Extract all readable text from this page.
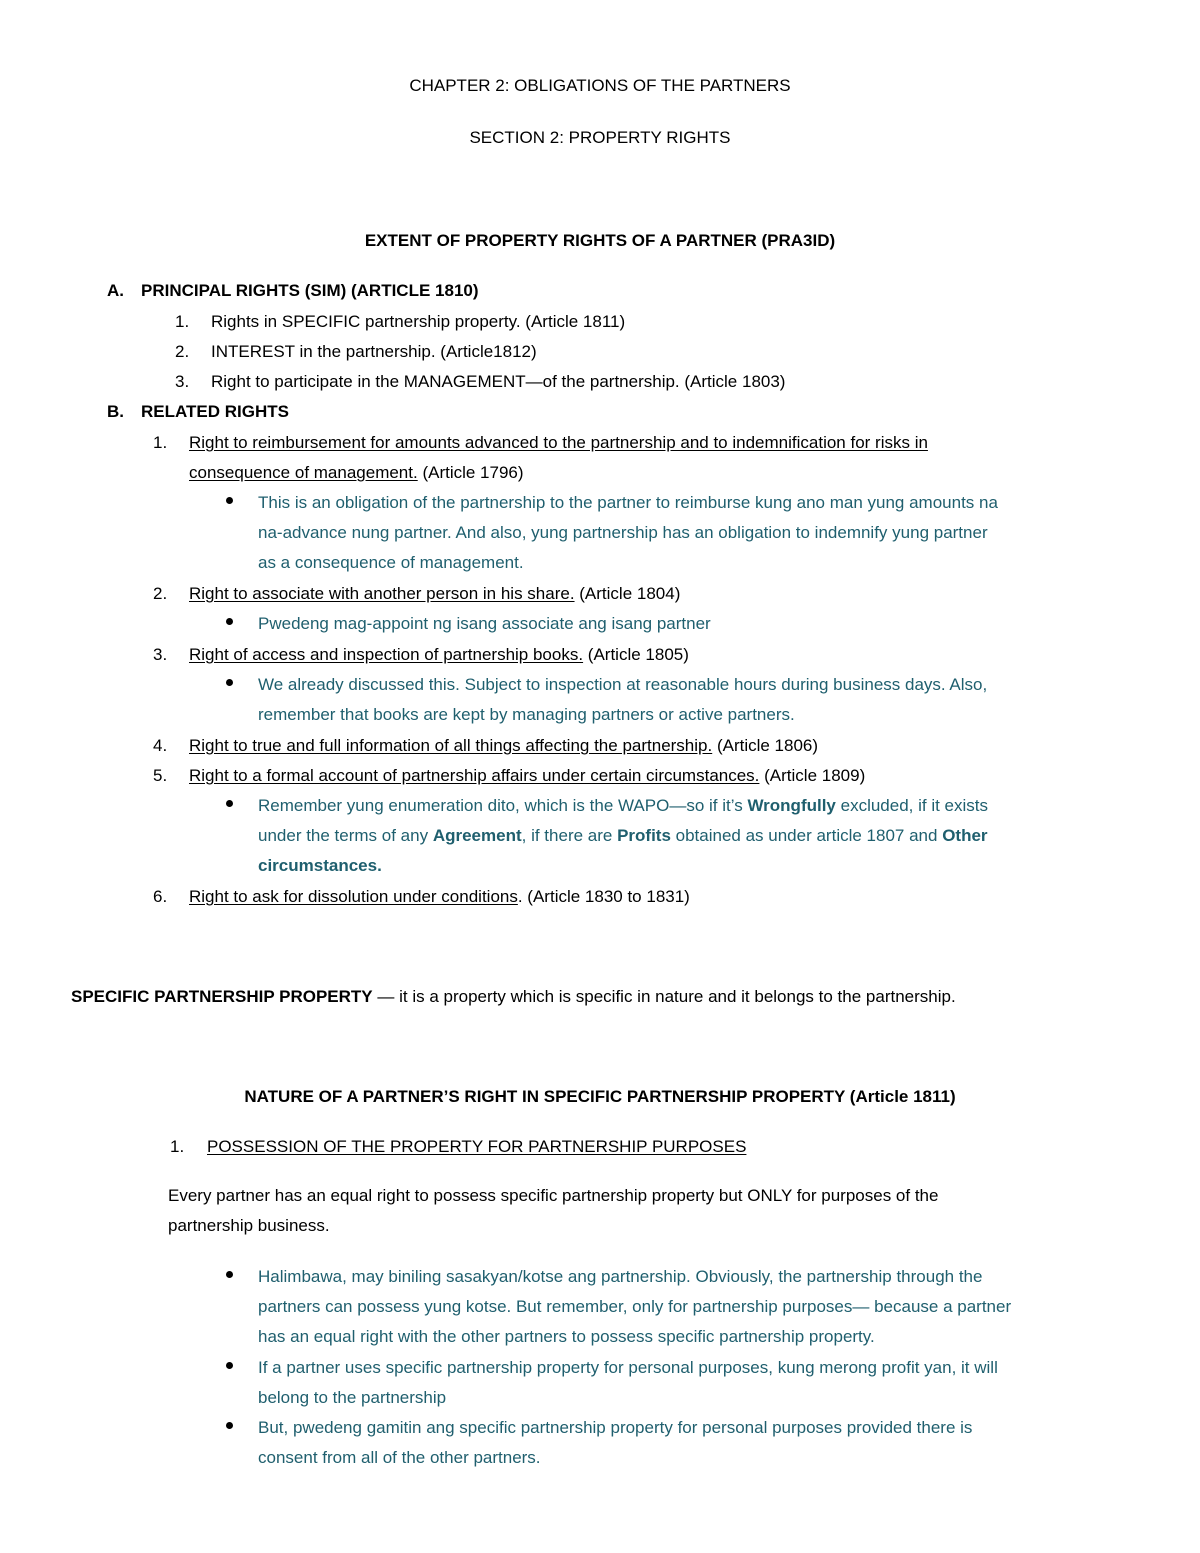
CHAPTER 2: OBLIGATIONS OF THE PARTNERS
SECTION 2: PROPERTY RIGHTS
EXTENT OF PROPERTY RIGHTS OF A PARTNER (PRA3ID)
A. PRINCIPAL RIGHTS (SIM) (ARTICLE 1810)
1. Rights in SPECIFIC partnership property. (Article 1811)
2. INTEREST in the partnership. (Article1812)
3. Right to participate in the MANAGEMENT—of the partnership. (Article 1803)
B. RELATED RIGHTS
1. Right to reimbursement for amounts advanced to the partnership and to indemnification for risks in
consequence of management. (Article 1796)
This is an obligation of the partnership to the partner to reimburse kung ano man yung amounts na
na-advance nung partner. And also, yung partnership has an obligation to indemnify yung partner
as a consequence of management.
2. Right to associate with another person in his share. (Article 1804)
Pwedeng mag-appoint ng isang associate ang isang partner
3. Right of access and inspection of partnership books. (Article 1805)
We already discussed this. Subject to inspection at reasonable hours during business days. Also,
remember that books are kept by managing partners or active partners.
4. Right to true and full information of all things affecting the partnership. (Article 1806)
5. Right to a formal account of partnership affairs under certain circumstances. (Article 1809)
Remember yung enumeration dito, which is the WAPO—so if it’s Wrongfully excluded, if it exists
under the terms of any Agreement, if there are Profits obtained as under article 1807 and Other
circumstances.
6. Right to ask for dissolution under conditions. (Article 1830 to 1831)
SPECIFIC PARTNERSHIP PROPERTY — it is a property which is specific in nature and it belongs to the partnership.
NATURE OF A PARTNER’S RIGHT IN SPECIFIC PARTNERSHIP PROPERTY (Article 1811)
1. POSSESSION OF THE PROPERTY FOR PARTNERSHIP PURPOSES
Every partner has an equal right to possess specific partnership property but ONLY for purposes of the
partnership business.
Halimbawa, may biniling sasakyan/kotse ang partnership. Obviously, the partnership through the
partners can possess yung kotse. But remember, only for partnership purposes— because a partner
has an equal right with the other partners to possess specific partnership property.
If a partner uses specific partnership property for personal purposes, kung merong profit yan, it will
belong to the partnership
But, pwedeng gamitin ang specific partnership property for personal purposes provided there is
consent from all of the other partners.
